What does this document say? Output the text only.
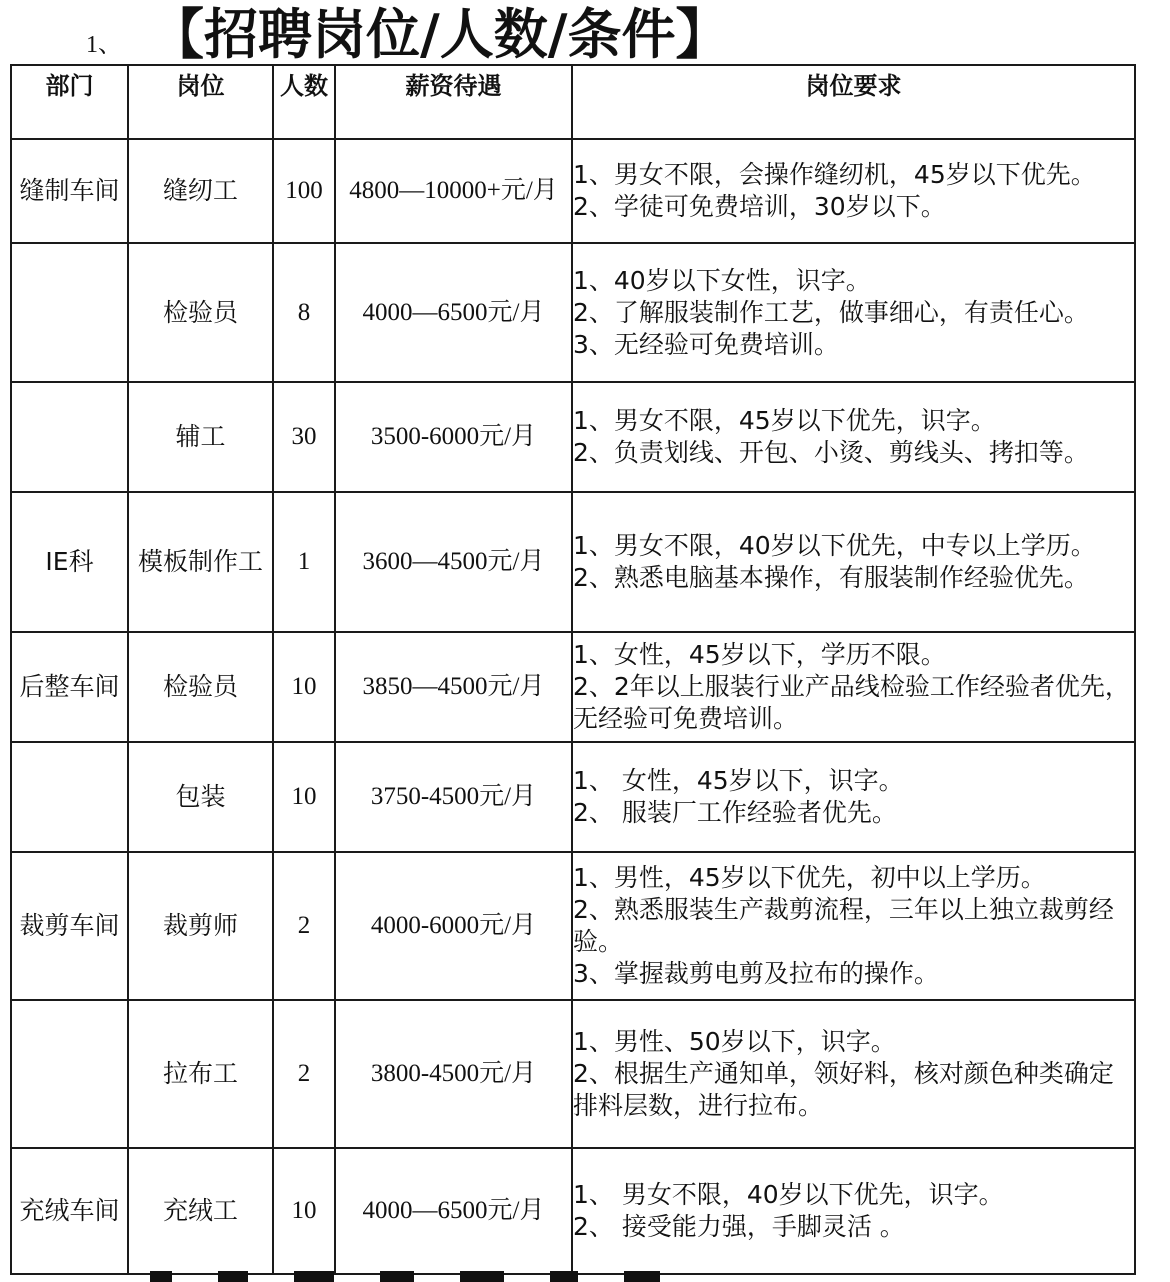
1、 【招聘岗位/人数/条件】
部门	岗位	人数	薪资待遇	岗位要求
缝制车间	缝纫工	100	4800—10000+元/月	1、男女不限，会操作缝纫机，45岁以下优先。
2、学徒可免费培训，30岁以下。

	检验员	8	4000—6500元/月	1、40岁以下女性，识字。
2、了解服装制作工艺，做事细心，有责任心。
3、无经验可免费培训。

	辅工	30	3500-6000元/月	1、男女不限，45岁以下优先，识字。
2、负责划线、开包、小烫、剪线头、拷扣等。

IE科	模板制作工	1	3600—4500元/月	1、男女不限，40岁以下优先，中专以上学历。
2、熟悉电脑基本操作，有服装制作经验优先。

后整车间	检验员	10	3850—4500元/月	1、女性，45岁以下，学历不限。
2、2年以上服装行业产品线检验工作经验者优先，无经验可免费培训。

	包装	10	3750-4500元/月	1、 女性，45岁以下，识字。
2、 服装厂工作经验者优先。

裁剪车间	裁剪师	2	4000-6000元/月	1、男性，45岁以下优先，初中以上学历。
2、熟悉服装生产裁剪流程，三年以上独立裁剪经验。
3、掌握裁剪电剪及拉布的操作。

	拉布工	2	3800-4500元/月	1、男性、50岁以下，识字。
2、根据生产通知单，领好料，核对颜色种类确定排料层数，进行拉布。

充绒车间	充绒工	10	4000—6500元/月	1、 男女不限，40岁以下优先，识字。
2、 接受能力强，手脚灵活 。
